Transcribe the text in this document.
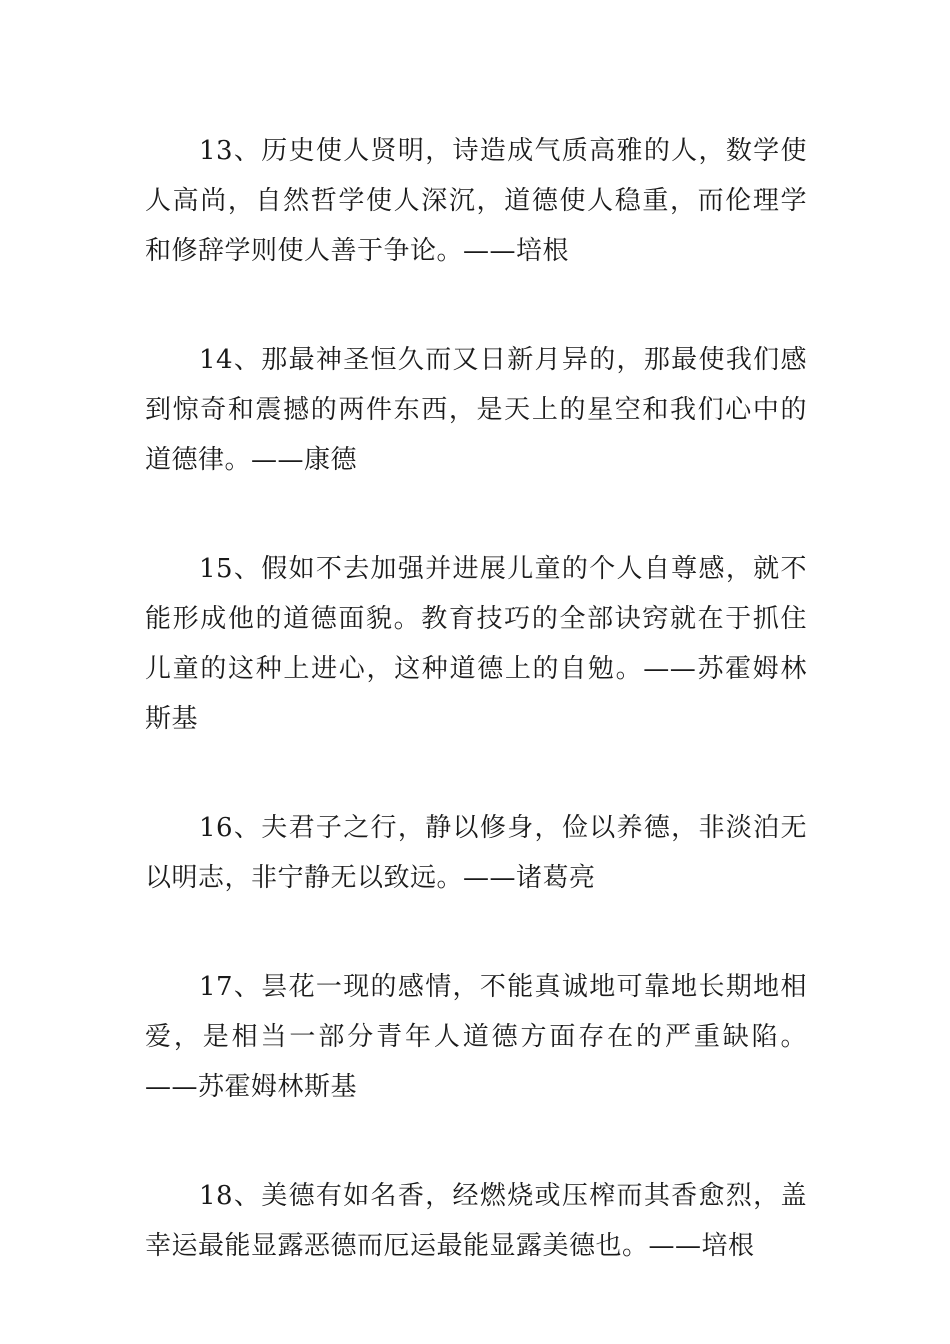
13、历史使人贤明，诗造成气质高雅的人，数学使人高尚，自然哲学使人深沉，道德使人稳重，而伦理学和修辞学则使人善于争论。——培根

14、那最神圣恒久而又日新月异的，那最使我们感到惊奇和震撼的两件东西，是天上的星空和我们心中的道德律。——康德

15、假如不去加强并进展儿童的个人自尊感，就不能形成他的道德面貌。教育技巧的全部诀窍就在于抓住儿童的这种上进心，这种道德上的自勉。——苏霍姆林斯基

16、夫君子之行，静以修身，俭以养德，非淡泊无以明志，非宁静无以致远。——诸葛亮

17、昙花一现的感情，不能真诚地可靠地长期地相爱，是相当一部分青年人道德方面存在的严重缺陷。——苏霍姆林斯基

18、美德有如名香，经燃烧或压榨而其香愈烈，盖幸运最能显露恶德而厄运最能显露美德也。——培根
